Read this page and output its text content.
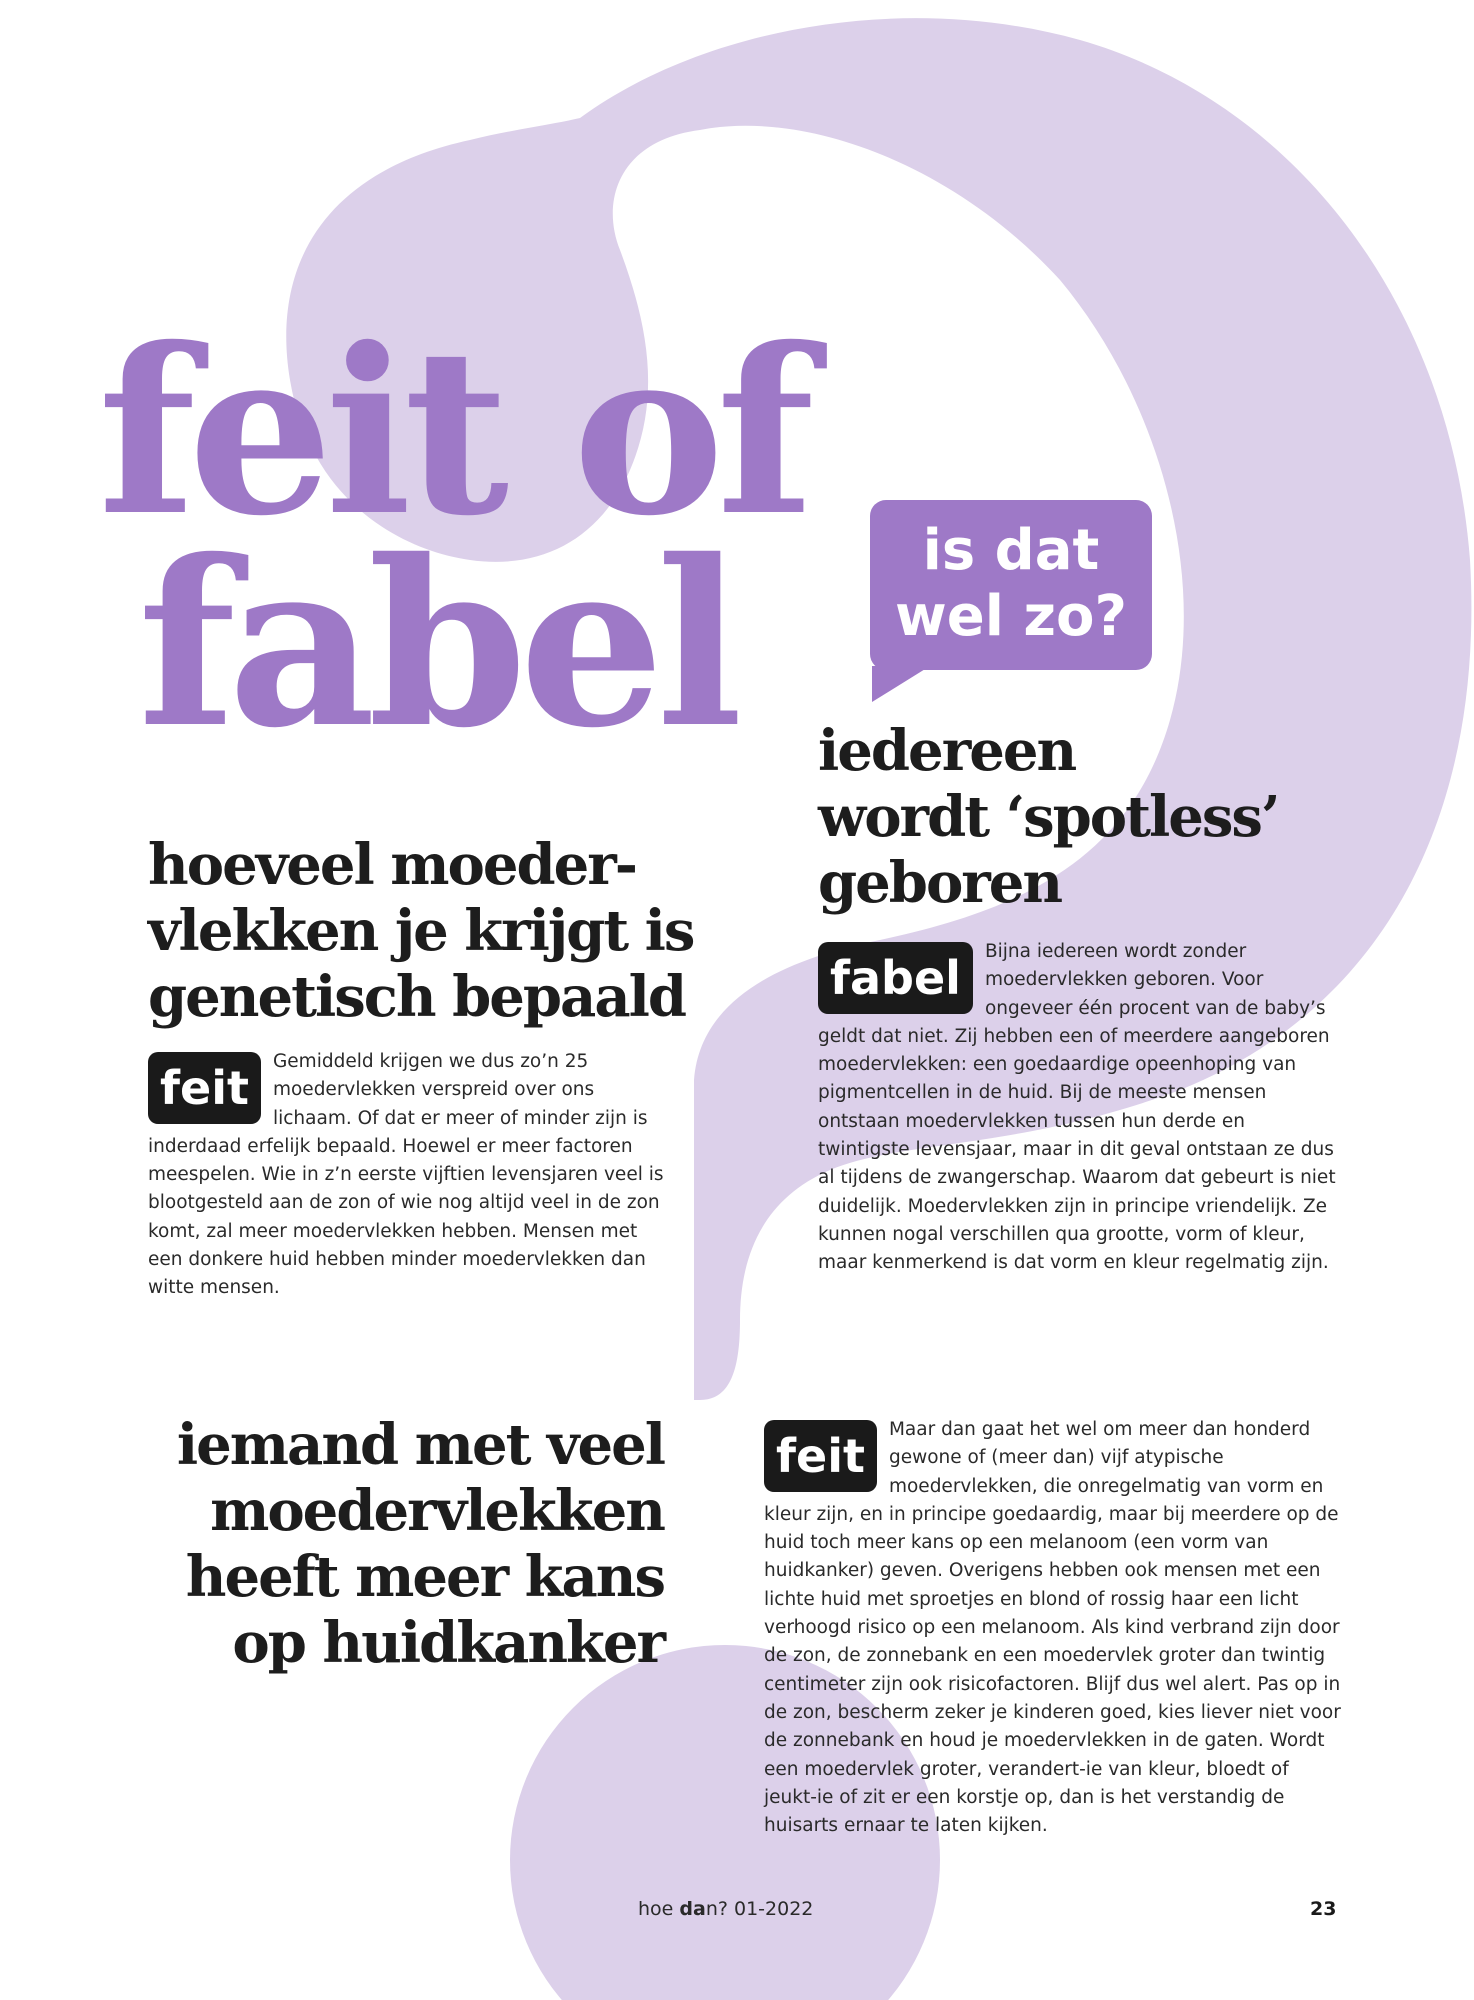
feit of
fabel	is dat
wel zo?
hoeveel moeder-
vlekken je krijgt is
genetisch bepaald

feit	Gemiddeld krijgen we dus zo’n 25 moedervlekken verspreid over ons lichaam. Of dat er meer of minder zijn is inderdaad erfelijk bepaald. Hoewel er meer factoren meespelen. Wie in z’n eerste vijftien levensjaren veel is blootgesteld aan de zon of wie nog altijd veel in de zon komt, zal meer moedervlekken hebben. Mensen met een donkere huid hebben minder moedervlekken dan witte mensen.

iedereen
wordt ‘spotless’
geboren

fabel	Bijna iedereen wordt zonder moedervlekken geboren. Voor ongeveer één procent van de baby’s geldt dat niet. Zij hebben een of meerdere aangeboren moedervlekken: een goedaardige opeenhoping van pigmentcellen in de huid. Bij de meeste mensen ontstaan moedervlekken tussen hun derde en twintigste levensjaar, maar in dit geval ontstaan ze dus al tijdens de zwangerschap. Waarom dat gebeurt is niet duidelijk. Moedervlekken zijn in principe vriendelijk. Ze kunnen nogal verschillen qua grootte, vorm of kleur, maar kenmerkend is dat vorm en kleur regelmatig zijn.

iemand met veel
moedervlekken
heeft meer kans
op huidkanker

feit	Maar dan gaat het wel om meer dan honderd gewone of (meer dan) vijf atypische moedervlekken, die onregelmatig van vorm en kleur zijn, en in principe goedaardig, maar bij meerdere op de huid toch meer kans op een melanoom (een vorm van huidkanker) geven. Overigens hebben ook mensen met een lichte huid met sproetjes en blond of rossig haar een licht verhoogd risico op een melanoom. Als kind verbrand zijn door de zon, de zonnebank en een moedervlek groter dan twintig centimeter zijn ook risicofactoren. Blijf dus wel alert. Pas op in de zon, bescherm zeker je kinderen goed, kies liever niet voor de zonnebank en houd je moedervlekken in de gaten. Wordt een moedervlek groter, verandert-ie van kleur, bloedt of jeukt-ie of zit er een korstje op, dan is het verstandig de huisarts ernaar te laten kijken.

hoe dan? 01-2022	23
